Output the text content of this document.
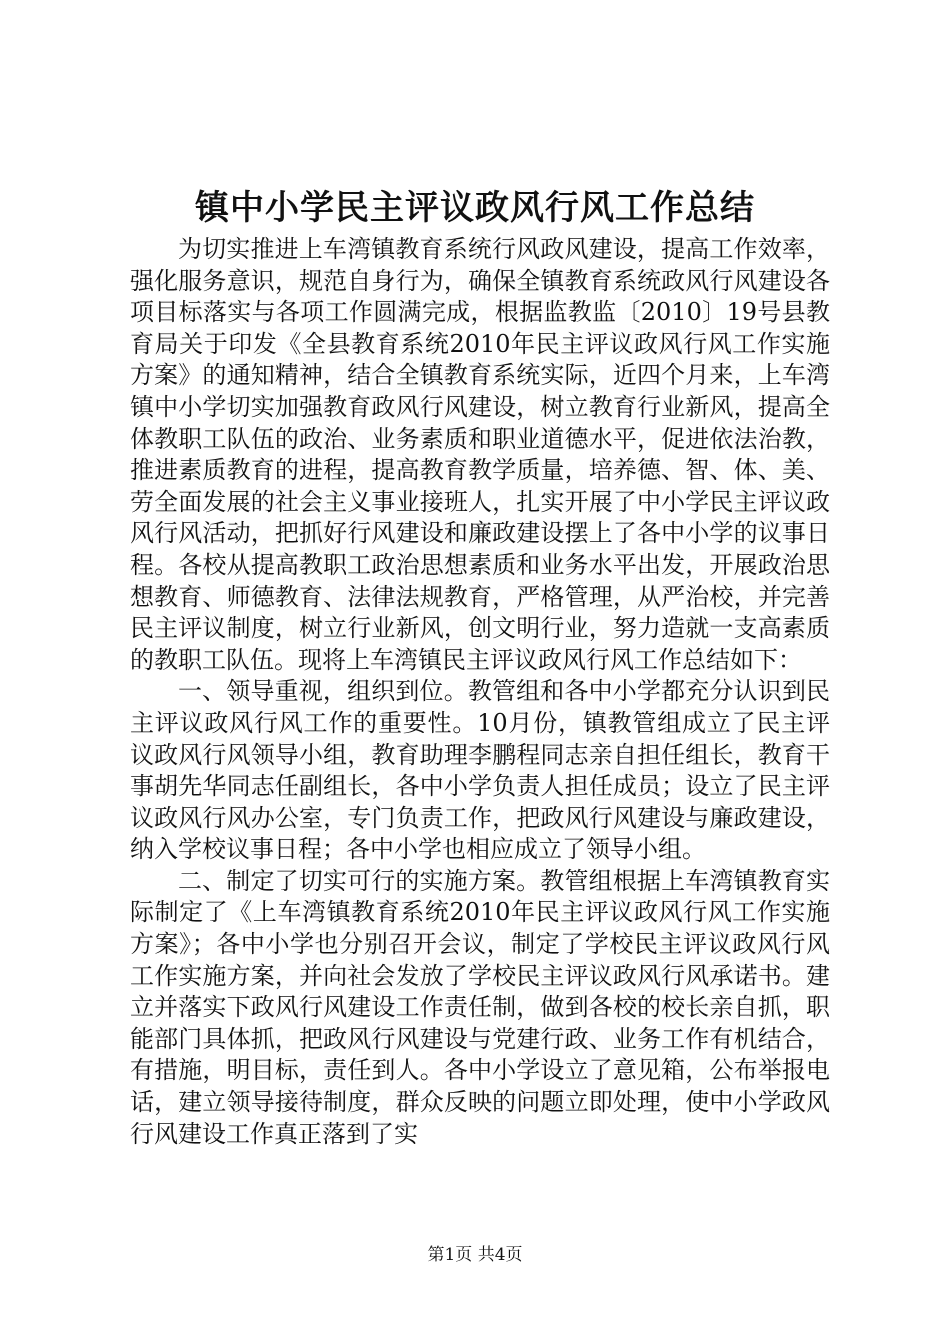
镇中小学民主评议政风行风工作总结

为切实推进上车湾镇教育系统行风政风建设，提高工作效率，强化服务意识，规范自身行为，确保全镇教育系统政风行风建设各项目标落实与各项工作圆满完成，根据监教监〔2010〕19号县教育局关于印发《全县教育系统2010年民主评议政风行风工作实施方案》的通知精神，结合全镇教育系统实际，近四个月来，上车湾镇中小学切实加强教育政风行风建设，树立教育行业新风，提高全体教职工队伍的政治、业务素质和职业道德水平，促进依法治教，推进素质教育的进程，提高教育教学质量，培养德、智、体、美、劳全面发展的社会主义事业接班人，扎实开展了中小学民主评议政风行风活动，把抓好行风建设和廉政建设摆上了各中小学的议事日程。各校从提高教职工政治思想素质和业务水平出发，开展政治思想教育、师德教育、法律法规教育，严格管理，从严治校，并完善民主评议制度，树立行业新风，创文明行业，努力造就一支高素质的教职工队伍。现将上车湾镇民主评议政风行风工作总结如下：

一、领导重视，组织到位。教管组和各中小学都充分认识到民主评议政风行风工作的重要性。10月份，镇教管组成立了民主评议政风行风领导小组，教育助理李鹏程同志亲自担任组长，教育干事胡先华同志任副组长，各中小学负责人担任成员；设立了民主评议政风行风办公室，专门负责工作，把政风行风建设与廉政建设，纳入学校议事日程；各中小学也相应成立了领导小组。

二、制定了切实可行的实施方案。教管组根据上车湾镇教育实际制定了《上车湾镇教育系统2010年民主评议政风行风工作实施方案》；各中小学也分别召开会议，制定了学校民主评议政风行风工作实施方案，并向社会发放了学校民主评议政风行风承诺书。建立并落实下政风行风建设工作责任制，做到各校的校长亲自抓，职能部门具体抓，把政风行风建设与党建行政、业务工作有机结合，有措施，明目标，责任到人。各中小学设立了意见箱，公布举报电话，建立领导接待制度，群众反映的问题立即处理，使中小学政风行风建设工作真正落到了实

第1页 共4页
